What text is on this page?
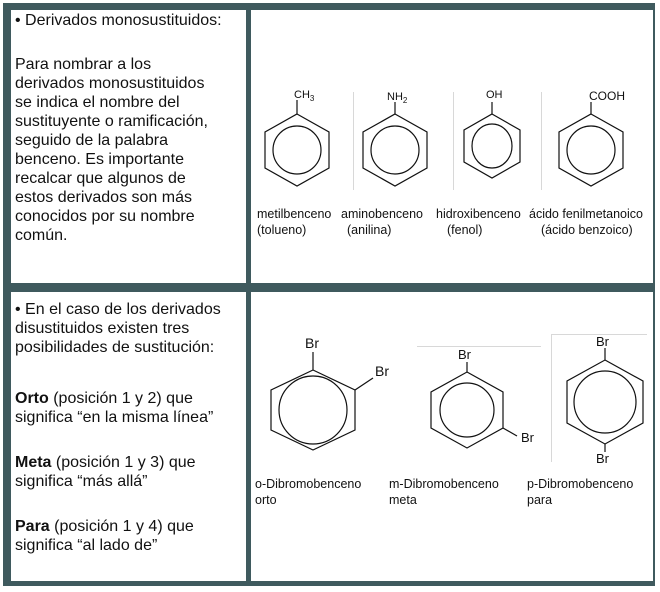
• Derivados monosustituidos:

Para nombrar a los

derivados monosustituidos

se indica el nombre del

sustituyente o ramificación,

seguido de la palabra

benceno. Es importante

recalcar que algunos de

estos derivados son más

conocidos por su nombre

común.

$CH_3$	$NH_2$	OH	COOH
metilbenceno
(tolueno)
aminobenceno
(anilina)
hidroxibenceno
(fenol)
ácido fenilmetanoico
(ácido benzoico)

• En el caso de los derivados

disustituidos existen tres

posibilidades de sustitución:

Orto (posición 1 y 2) que

significa “en la misma línea”

Meta (posición 1 y 3) que

significa “más allá”

Para (posición 1 y 4) que

significa “al lado de”

Br
Br
Br
Br
Br
Br
o-Dibromobenceno
orto
m-Dibromobenceno
meta
p-Dibromobenceno
para
